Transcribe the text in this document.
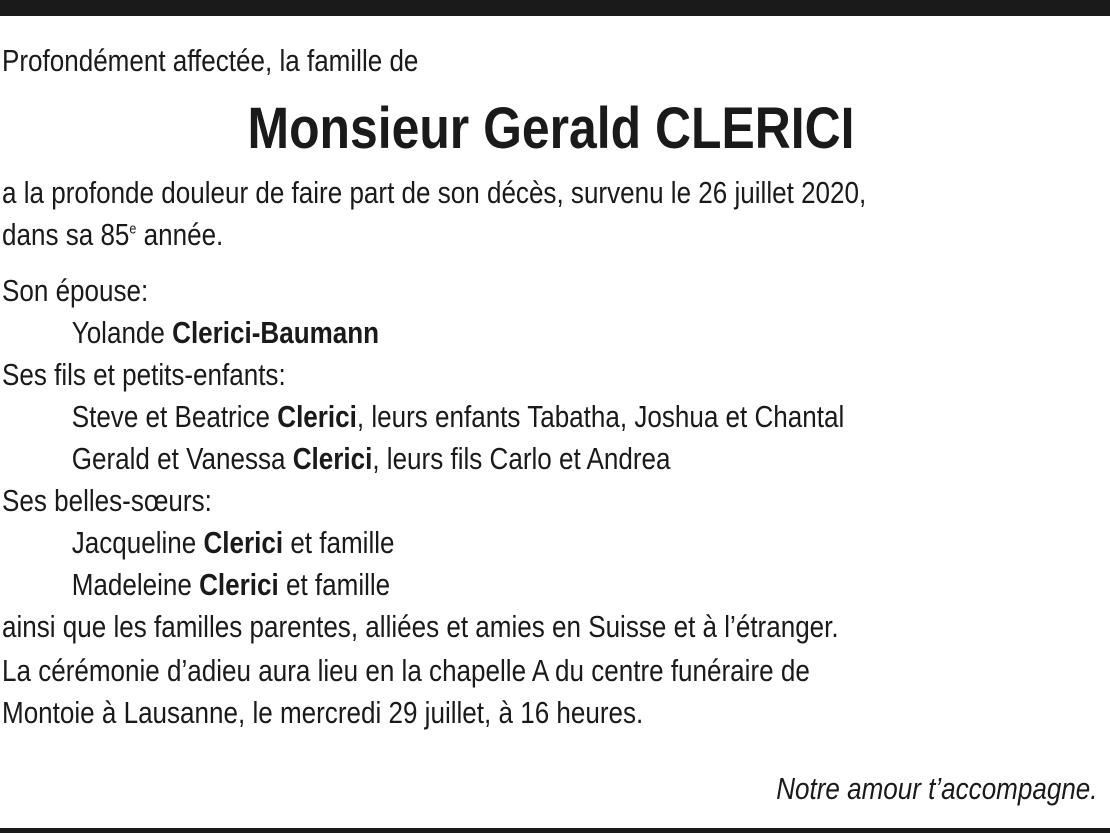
Profondément affectée, la famille de
Monsieur Gerald CLERICI
a la profonde douleur de faire part de son décès, survenu le 26 juillet 2020,
dans sa 85e année.
Son épouse:
Yolande Clerici-Baumann
Ses fils et petits-enfants:
Steve et Beatrice Clerici, leurs enfants Tabatha, Joshua et Chantal
Gerald et Vanessa Clerici, leurs fils Carlo et Andrea
Ses belles-sœurs:
Jacqueline Clerici et famille
Madeleine Clerici et famille
ainsi que les familles parentes, alliées et amies en Suisse et à l’étranger.
La cérémonie d’adieu aura lieu en la chapelle A du centre funéraire de
Montoie à Lausanne, le mercredi 29 juillet, à 16 heures.
Notre amour t’accompagne.
